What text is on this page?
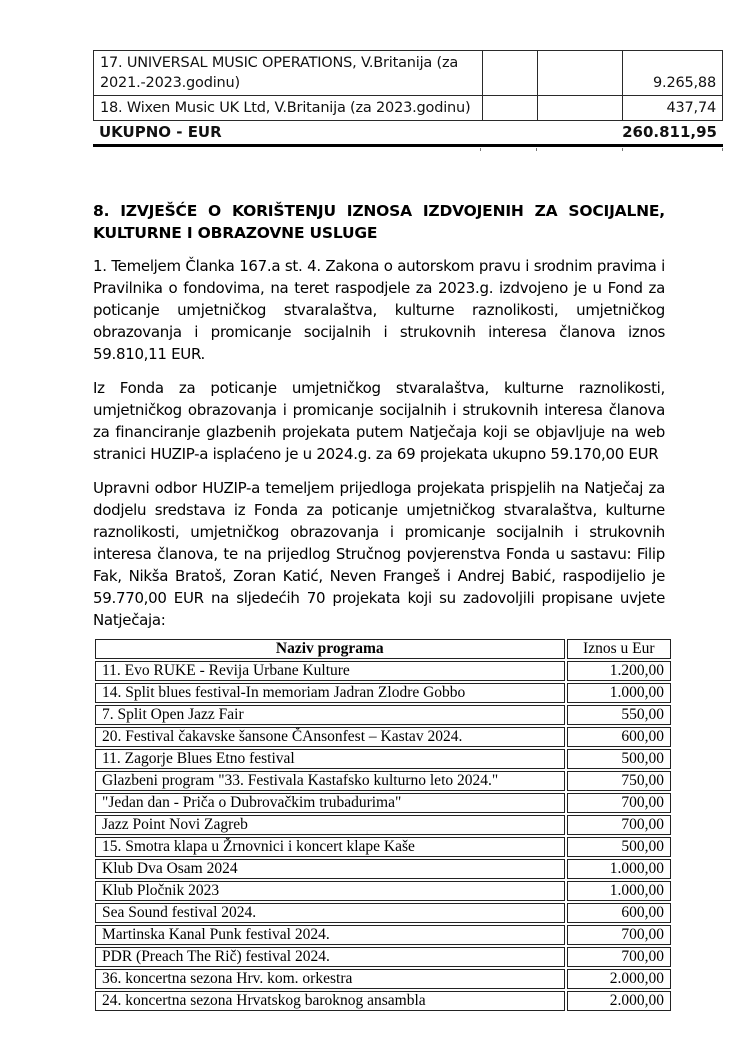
17. UNIVERSAL MUSIC OPERATIONS, V.Britanija (za 2021.-2023.godinu)			9.265,88
18. Wixen Music UK Ltd, V.Britanija (za 2023.godinu)			437,74
UKUPNO - EUR	260.811,95
8. IZVJEŠĆE O KORIŠTENJU IZNOSA IZDVOJENIH ZA SOCIJALNE, KULTURNE I OBRAZOVNE USLUGE
1. Temeljem Članka 167.a st. 4. Zakona o autorskom pravu i srodnim pravima i Pravilnika o fondovima, na teret raspodjele za 2023.g. izdvojeno je u Fond za poticanje umjetničkog stvaralaštva, kulturne raznolikosti, umjetničkog obrazovanja i promicanje socijalnih i strukovnih interesa članova iznos 59.810,11 EUR.
Iz Fonda za poticanje umjetničkog stvaralaštva, kulturne raznolikosti, umjetničkog obrazovanja i promicanje socijalnih i strukovnih interesa članova za financiranje glazbenih projekata putem Natječaja koji se objavljuje na web stranici HUZIP-a isplaćeno je u 2024.g. za 69 projekata ukupno 59.170,00 EUR
Upravni odbor HUZIP-a temeljem prijedloga projekata prispjelih na Natječaj za dodjelu sredstava iz Fonda za poticanje umjetničkog stvaralaštva, kulturne raznolikosti, umjetničkog obrazovanja i promicanje socijalnih i strukovnih interesa članova, te na prijedlog Stručnog povjerenstva Fonda u sastavu: Filip Fak, Nikša Bratoš, Zoran Katić, Neven Frangeš i Andrej Babić, raspodijelio je 59.770,00 EUR na sljedećih 70 projekata koji su zadovoljili propisane uvjete Natječaja:
Naziv programa	Iznos u Eur
11. Evo RUKE - Revija Urbane Kulture	1.200,00
14. Split blues festival-In memoriam Jadran Zlodre Gobbo	1.000,00
7. Split Open Jazz Fair	550,00
20. Festival čakavske šansone ČAnsonfest – Kastav 2024.	600,00
11. Zagorje Blues Etno festival	500,00
Glazbeni program "33. Festivala Kastafsko kulturno leto 2024."	750,00
"Jedan dan - Priča o Dubrovačkim trubadurima"	700,00
Jazz Point Novi Zagreb	700,00
15. Smotra klapa u Žrnovnici i koncert klape Kaše	500,00
Klub Dva Osam 2024	1.000,00
Klub Pločnik 2023	1.000,00
Sea Sound festival 2024.	600,00
Martinska Kanal Punk festival 2024.	700,00
PDR (Preach The Rič) festival 2024.	700,00
36. koncertna sezona Hrv. kom. orkestra	2.000,00
24. koncertna sezona Hrvatskog baroknog ansambla	2.000,00
